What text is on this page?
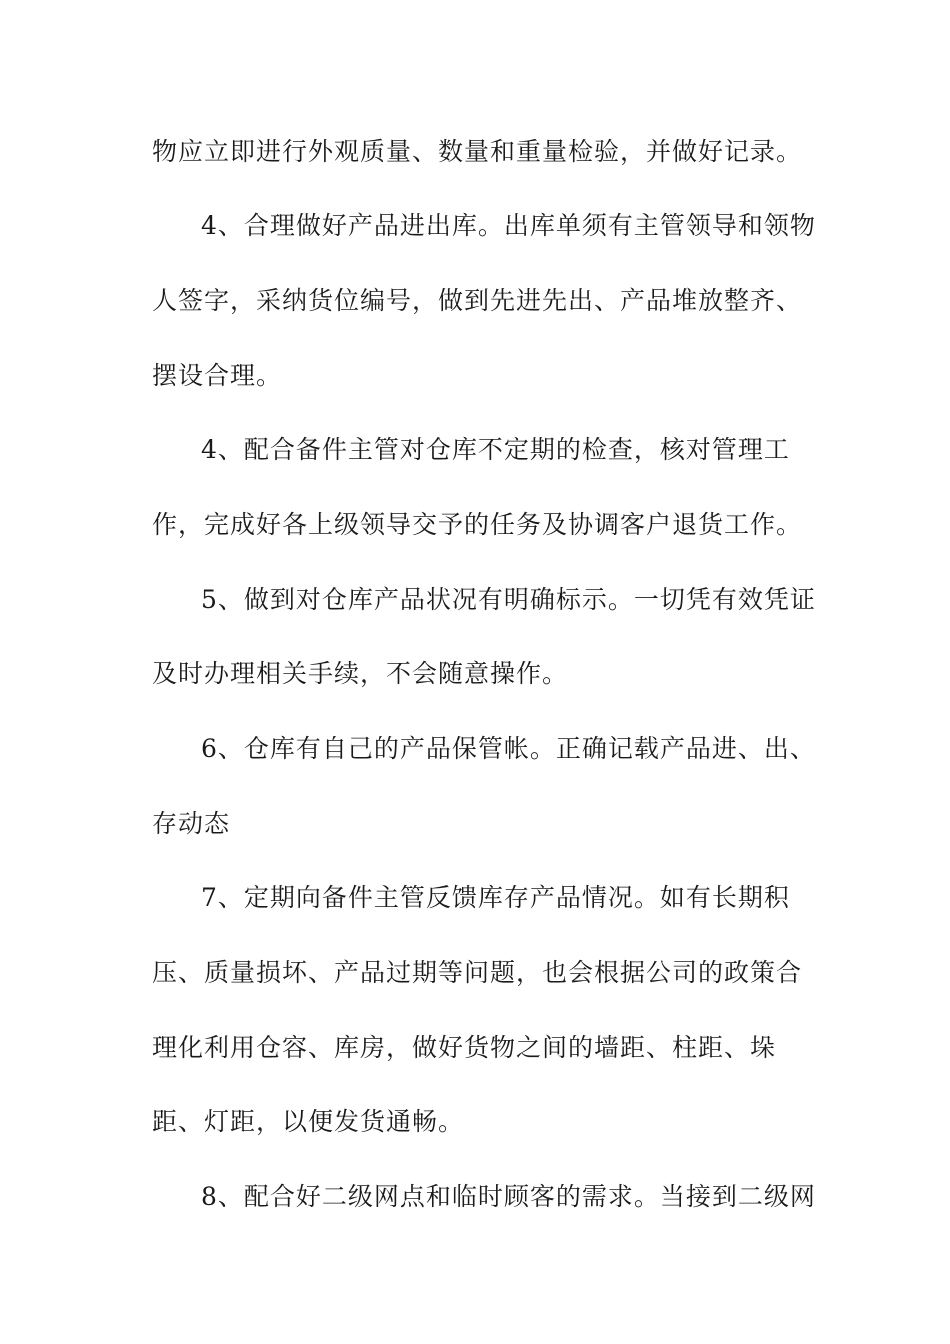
物应立即进行外观质量、数量和重量检验，并做好记录。
4、合理做好产品进出库。出库单须有主管领导和领物
人签字，采纳货位编号，做到先进先出、产品堆放整齐、
摆设合理。
4、配合备件主管对仓库不定期的检查，核对管理工
作，完成好各上级领导交予的任务及协调客户退货工作。
5、做到对仓库产品状况有明确标示。一切凭有效凭证
及时办理相关手续，不会随意操作。
6、仓库有自己的产品保管帐。正确记载产品进、出、
存动态
7、定期向备件主管反馈库存产品情况。如有长期积
压、质量损坏、产品过期等问题，也会根据公司的政策合
理化利用仓容、库房，做好货物之间的墙距、柱距、垛
距、灯距，以便发货通畅。
8、配合好二级网点和临时顾客的需求。当接到二级网
